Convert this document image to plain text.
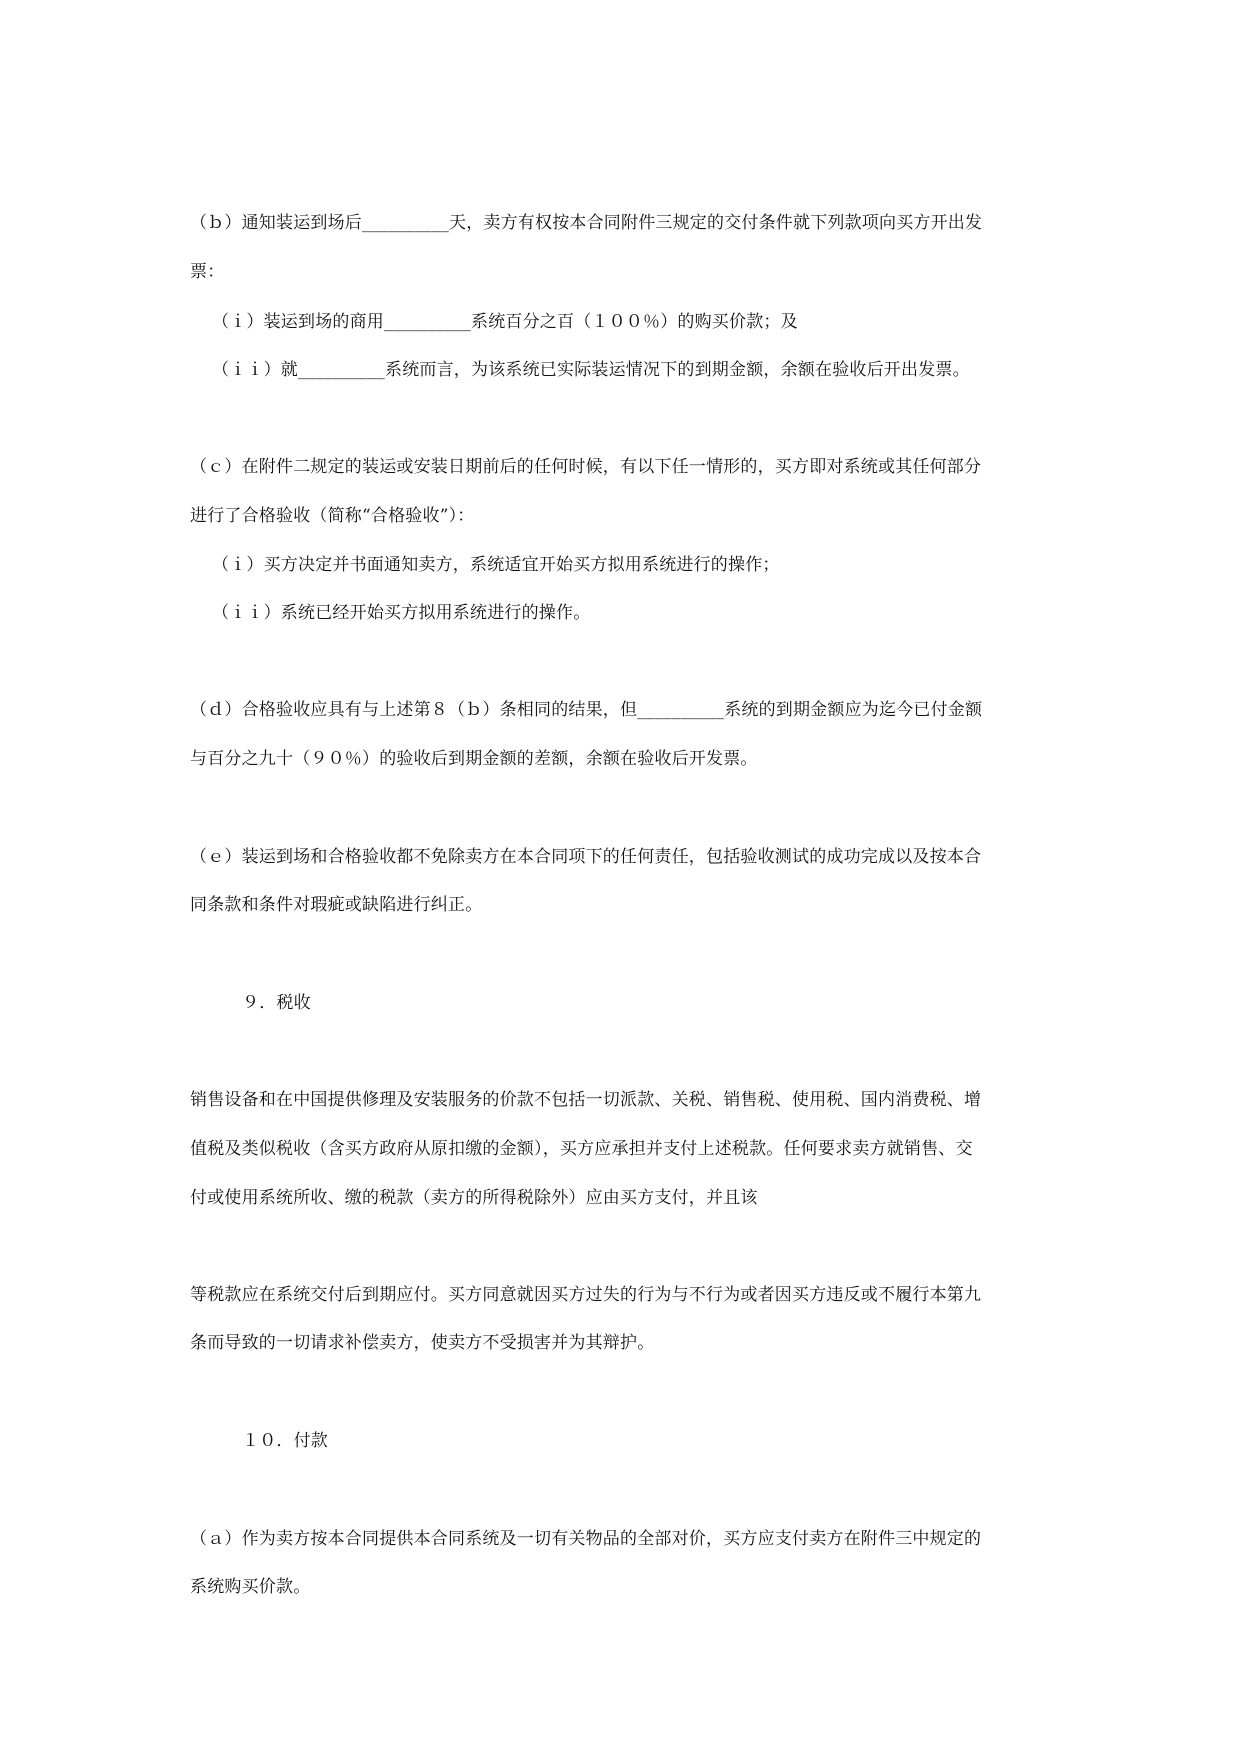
（ｂ）通知装运到场后__________天，卖方有权按本合同附件三规定的交付条件就下列款项向买方开出发
票：
（ｉ）装运到场的商用__________系统百分之百（１００％）的购买价款；及
（ｉｉ）就__________系统而言，为该系统已实际装运情况下的到期金额，余额在验收后开出发票。
（ｃ）在附件二规定的装运或安装日期前后的任何时候，有以下任一情形的，买方即对系统或其任何部分
进行了合格验收（简称“合格验收”）：
（ｉ）买方决定并书面通知卖方，系统适宜开始买方拟用系统进行的操作；
（ｉｉ）系统已经开始买方拟用系统进行的操作。
（ｄ）合格验收应具有与上述第８（ｂ）条相同的结果，但__________系统的到期金额应为迄今已付金额
与百分之九十（９０％）的验收后到期金额的差额，余额在验收后开发票。
（ｅ）装运到场和合格验收都不免除卖方在本合同项下的任何责任，包括验收测试的成功完成以及按本合
同条款和条件对瑕疵或缺陷进行纠正。
９．税收
销售设备和在中国提供修理及安装服务的价款不包括一切派款、关税、销售税、使用税、国内消费税、增
值税及类似税收（含买方政府从原扣缴的金额），买方应承担并支付上述税款。任何要求卖方就销售、交
付或使用系统所收、缴的税款（卖方的所得税除外）应由买方支付，并且该
等税款应在系统交付后到期应付。买方同意就因买方过失的行为与不行为或者因买方违反或不履行本第九
条而导致的一切请求补偿卖方，使卖方不受损害并为其辩护。
１０．付款
（ａ）作为卖方按本合同提供本合同系统及一切有关物品的全部对价，买方应支付卖方在附件三中规定的
系统购买价款。
